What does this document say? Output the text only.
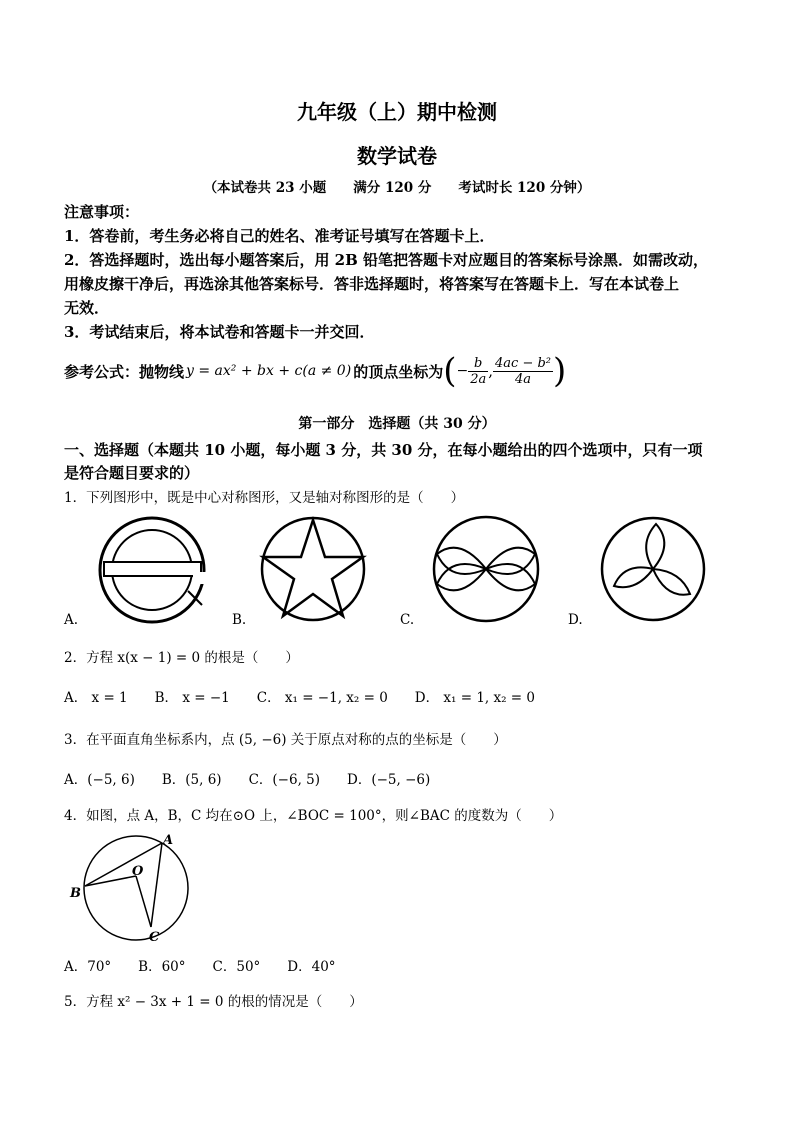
九年级（上）期中检测
数学试卷
（本试卷共 23 小题　　满分 120 分　　考试时长 120 分钟）
注意事项：
1．答卷前，考生务必将自己的姓名、准考证号填写在答题卡上．
2．答选择题时，选出每小题答案后，用 2B 铅笔把答题卡对应题目的答案标号涂黑．如需改动，
用橡皮擦干净后，再选涂其他答案标号．答非选择题时，将答案写在答题卡上．写在本试卷上
无效．
3．考试结束后，将本试卷和答题卡一并交回．
参考公式：抛物线 y = ax² + bx + c(a ≠ 0) 的顶点坐标为 ( − $\frac{b}{2a}$ , $\frac{\text{4ac − b²}}{4a}$ )
第一部分　选择题（共 30 分）
一、选择题（本题共 10 小题，每小题 3 分，共 30 分，在每小题给出的四个选项中，只有一项
是符合题目要求的）
1．下列图形中，既是中心对称图形，又是轴对称图形的是（　　）
A.	B.	C.	D.
2．方程 x(x − 1) = 0 的根是（　　）
A． x = 1　　B． x = −1　　C． x₁ = −1, x₂ = 0　　D． x₁ = 1, x₂ = 0
3．在平面直角坐标系内，点 (5, −6) 关于原点对称的点的坐标是（　　）
A．(−5, 6)　　B．(5, 6)　　C．(−6, 5)　　D．(−5, −6)
4．如图，点 A，B，C 均在⊙O 上，∠BOC = 100°，则∠BAC 的度数为（　　）
A
B
C
O
A．70°　　B．60°　　C．50°　　D．40°
5．方程 x² − 3x + 1 = 0 的根的情况是（　　）
